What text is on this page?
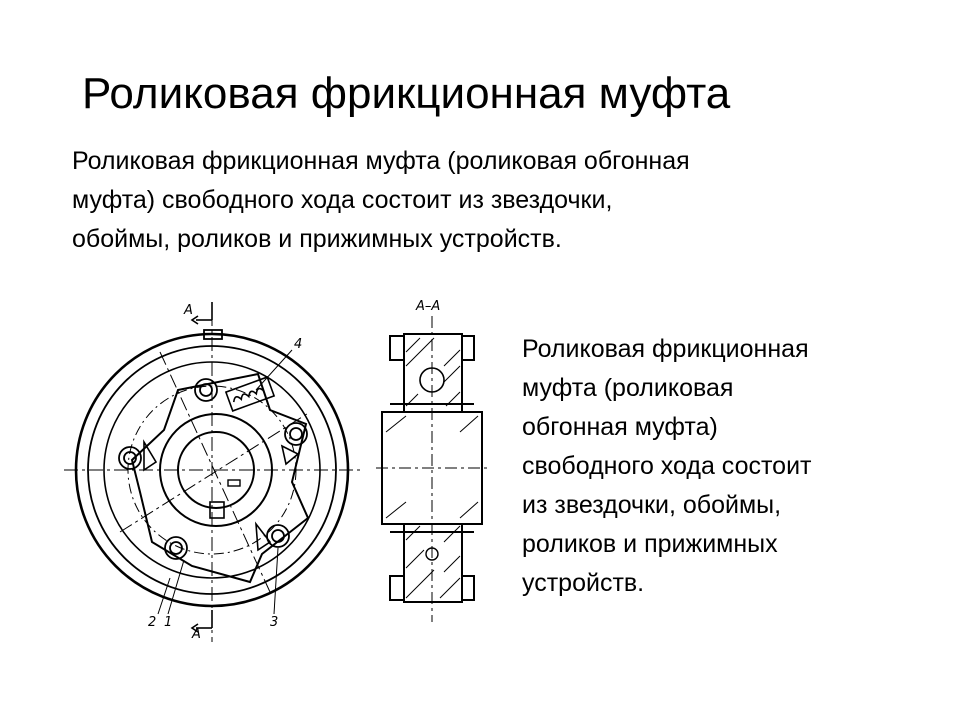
Роликовая фрикционная муфта

Роликовая фрикционная муфта (роликовая обгонная
муфта) свободного хода состоит из звездочки,
обоймы, роликов и прижимных устройств.

А
А
4
2 1	3
А–А

Роликовая фрикционная
муфта (роликовая
обгонная муфта)
свободного хода состоит
из звездочки, обоймы,
роликов и прижимных
устройств.
